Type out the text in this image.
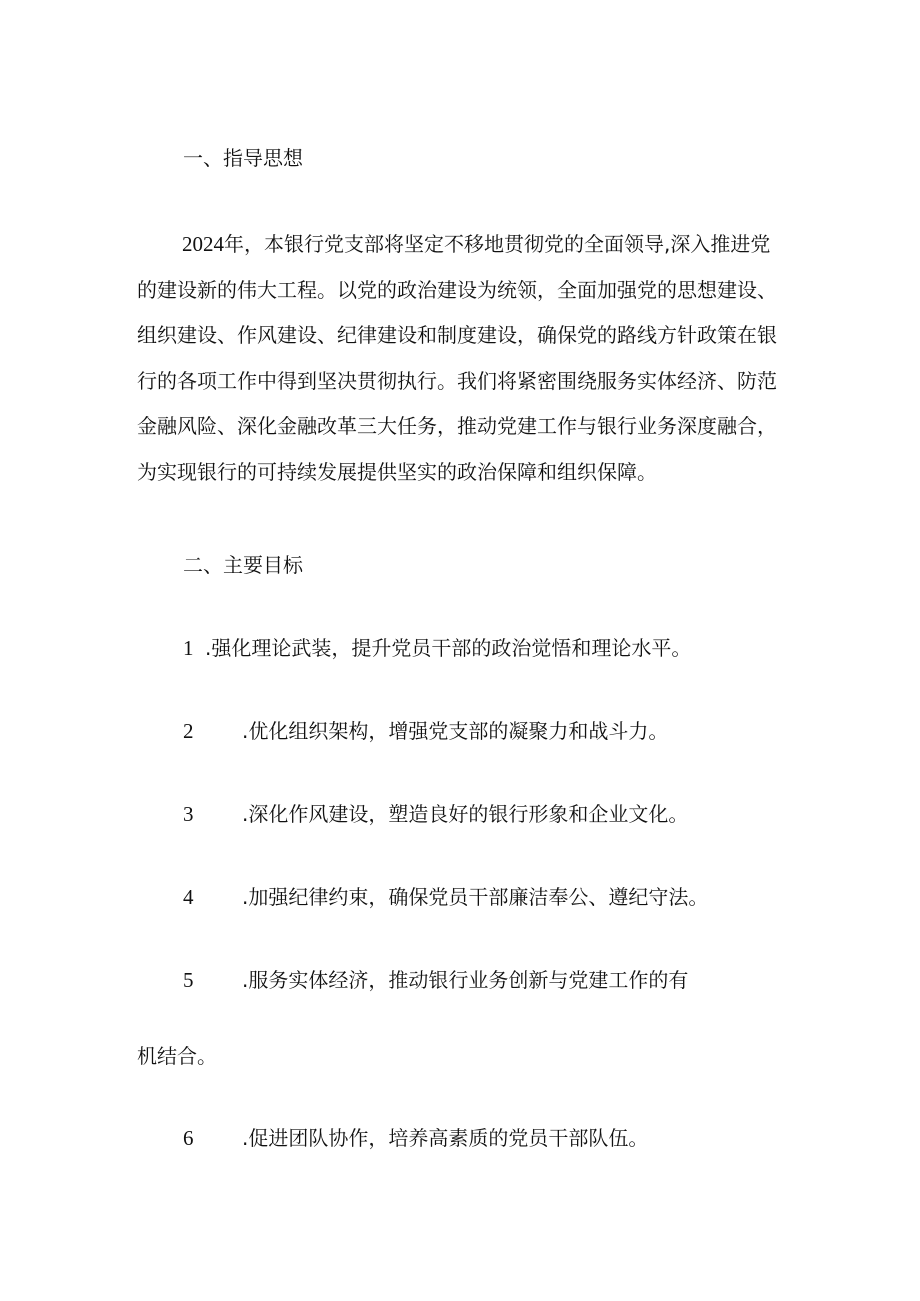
一、指导思想
2024年，本银行党支部将坚定不移地贯彻党的全面领导,深入推进党
的建设新的伟大工程。以党的政治建设为统领，全面加强党的思想建设、
组织建设、作风建设、纪律建设和制度建设，确保党的路线方针政策在银
行的各项工作中得到坚决贯彻执行。我们将紧密围绕服务实体经济、防范
金融风险、深化金融改革三大任务，推动党建工作与银行业务深度融合，
为实现银行的可持续发展提供坚实的政治保障和组织保障。
二、主要目标
1 .强化理论武装，提升党员干部的政治觉悟和理论水平。
2 .优化组织架构，增强党支部的凝聚力和战斗力。
3 .深化作风建设，塑造良好的银行形象和企业文化。
4 .加强纪律约束，确保党员干部廉洁奉公、遵纪守法。
5 .服务实体经济，推动银行业务创新与党建工作的有
机结合。
6 .促进团队协作，培养高素质的党员干部队伍。
